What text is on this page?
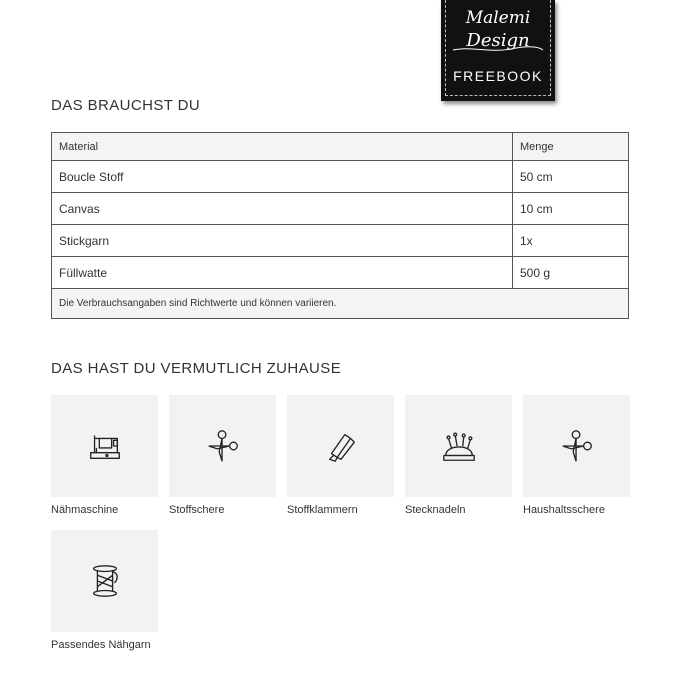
Malemi
Design
FREEBOOK
DAS BRAUCHST DU
Material	Menge
Boucle Stoff	50 cm
Canvas	10 cm
Stickgarn	1x
Füllwatte	500 g
Die Verbrauchsangaben sind Richtwerte und können variieren.	
DAS HAST DU VERMUTLICH ZUHAUSE
Nähmaschine	Stoffschere	Stoffklammern	Stecknadeln	Haushaltsschere
Passendes Nähgarn
